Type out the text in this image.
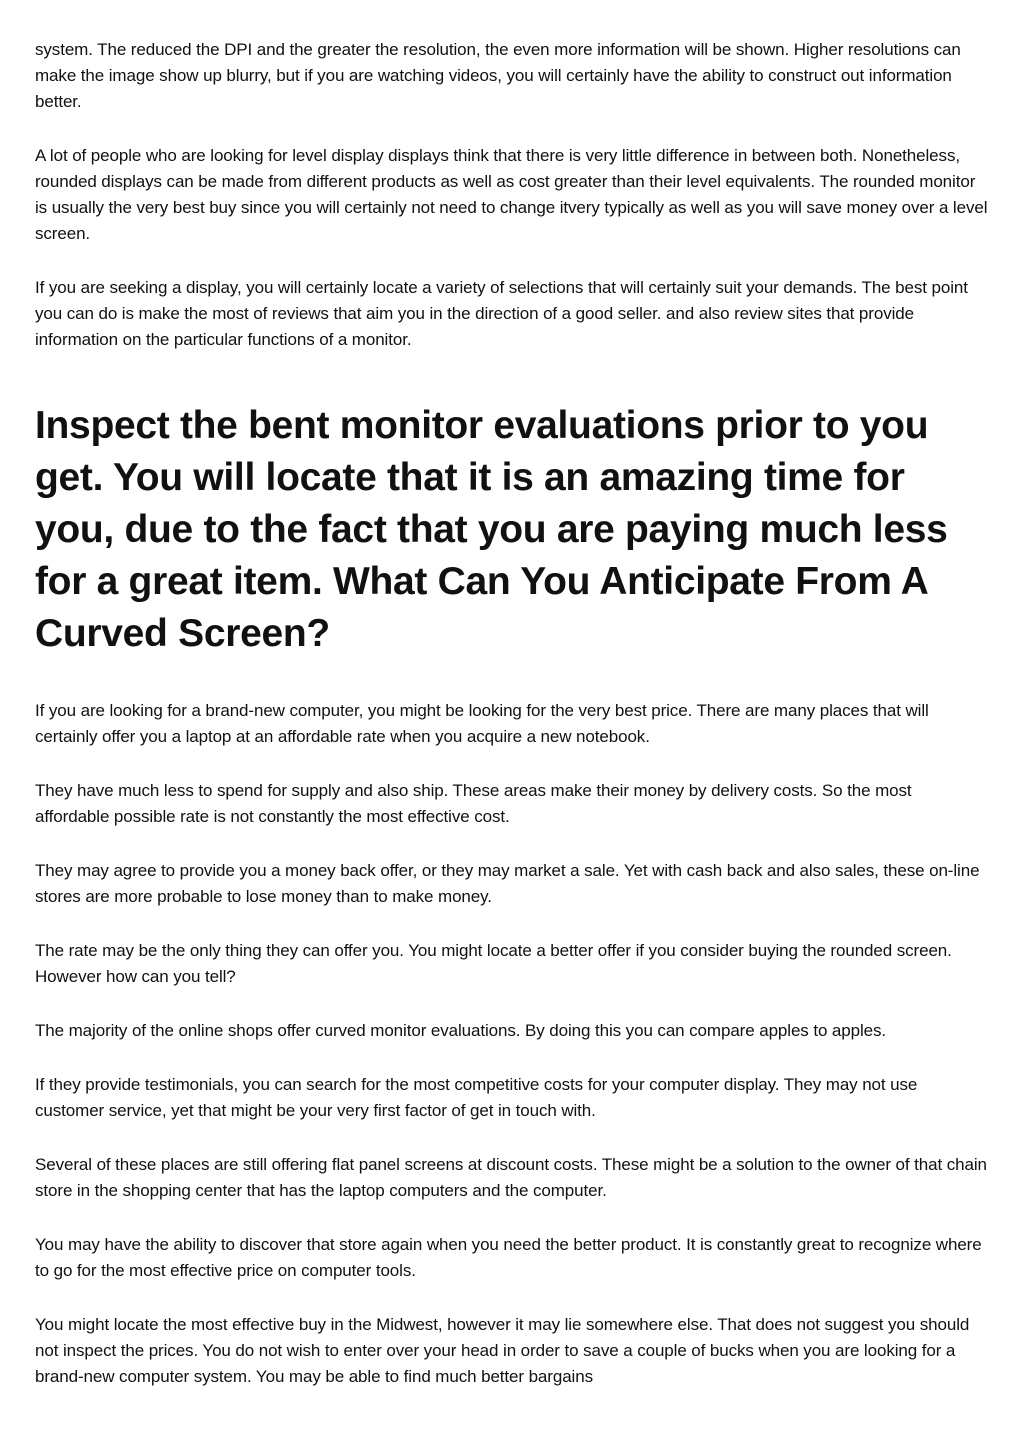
system. The reduced the DPI and the greater the resolution, the even more information will be shown. Higher resolutions can make the image show up blurry, but if you are watching videos, you will certainly have the ability to construct out information better.

A lot of people who are looking for level display displays think that there is very little difference in between both. Nonetheless, rounded displays can be made from different products as well as cost greater than their level equivalents. The rounded monitor is usually the very best buy since you will certainly not need to change itvery typically as well as you will save money over a level screen.

If you are seeking a display, you will certainly locate a variety of selections that will certainly suit your demands. The best point you can do is make the most of reviews that aim you in the direction of a good seller. and also review sites that provide information on the particular functions of a monitor.

Inspect the bent monitor evaluations prior to you get. You will locate that it is an amazing time for you, due to the fact that you are paying much less for a great item. What Can You Anticipate From A Curved Screen?

If you are looking for a brand-new computer, you might be looking for the very best price. There are many places that will certainly offer you a laptop at an affordable rate when you acquire a new notebook.

They have much less to spend for supply and also ship. These areas make their money by delivery costs. So the most affordable possible rate is not constantly the most effective cost.

They may agree to provide you a money back offer, or they may market a sale. Yet with cash back and also sales, these on-line stores are more probable to lose money than to make money.

The rate may be the only thing they can offer you. You might locate a better offer if you consider buying the rounded screen. However how can you tell?

The majority of the online shops offer curved monitor evaluations. By doing this you can compare apples to apples.

If they provide testimonials, you can search for the most competitive costs for your computer display. They may not use customer service, yet that might be your very first factor of get in touch with.

Several of these places are still offering flat panel screens at discount costs. These might be a solution to the owner of that chain store in the shopping center that has the laptop computers and the computer.

You may have the ability to discover that store again when you need the better product. It is constantly great to recognize where to go for the most effective price on computer tools.

You might locate the most effective buy in the Midwest, however it may lie somewhere else. That does not suggest you should not inspect the prices. You do not wish to enter over your head in order to save a couple of bucks when you are looking for a brand-new computer system. You may be able to find much better bargains
